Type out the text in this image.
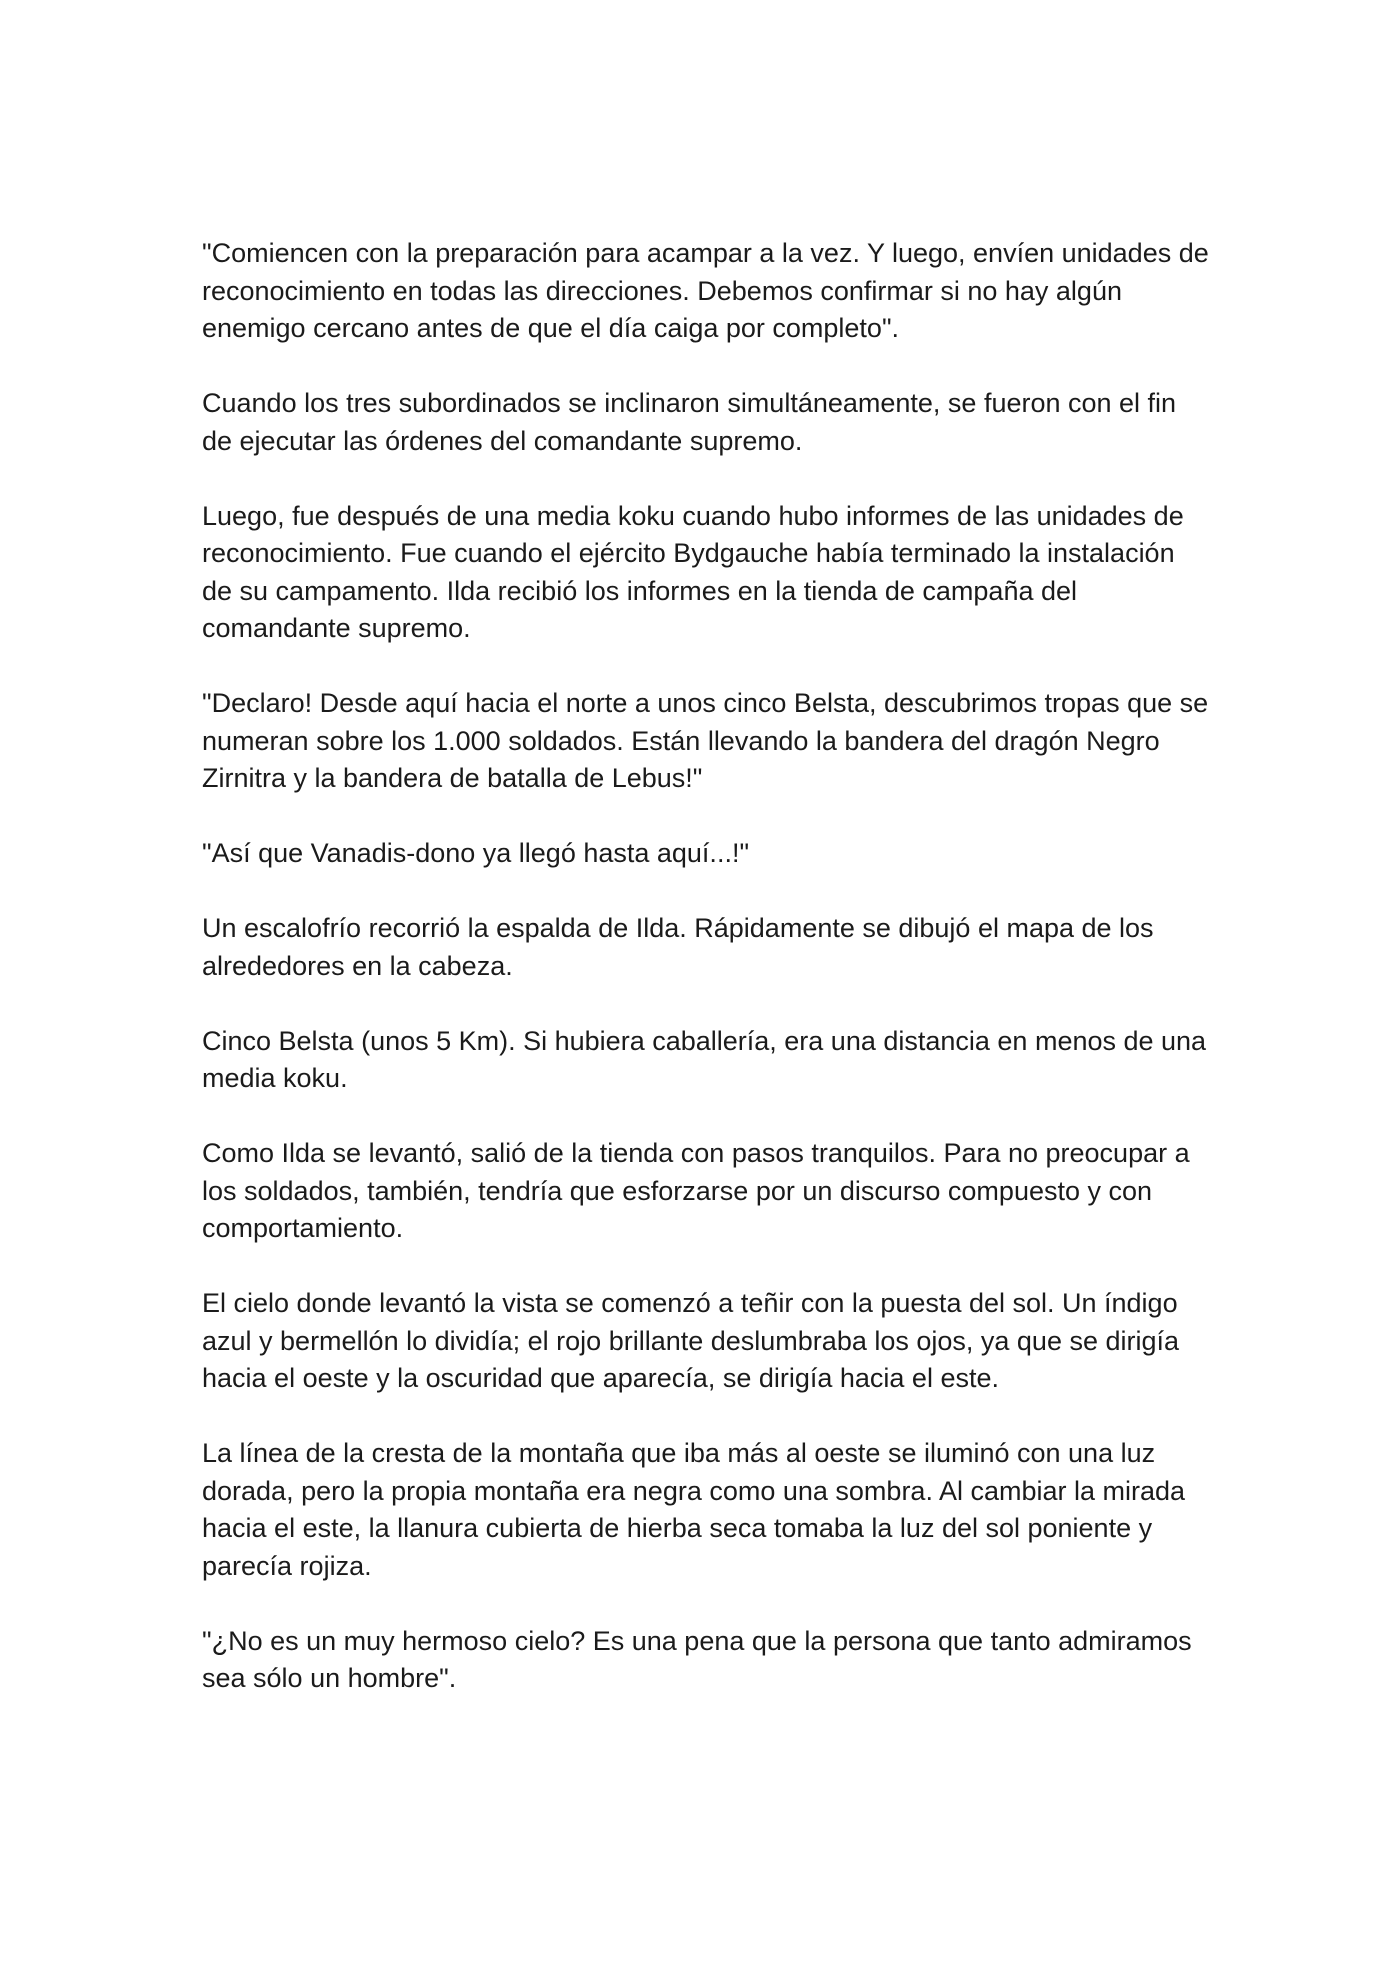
"Comiencen con la preparación para acampar a la vez. Y luego, envíen unidades de reconocimiento en todas las direcciones. Debemos confirmar si no hay algún enemigo cercano antes de que el día caiga por completo".

Cuando los tres subordinados se inclinaron simultáneamente, se fueron con el fin de ejecutar las órdenes del comandante supremo.

Luego, fue después de una media koku cuando hubo informes de las unidades de reconocimiento. Fue cuando el ejército Bydgauche había terminado la instalación de su campamento. Ilda recibió los informes en la tienda de campaña del comandante supremo.

"Declaro! Desde aquí hacia el norte a unos cinco Belsta, descubrimos tropas que se numeran sobre los 1.000 soldados. Están llevando la bandera del dragón Negro Zirnitra y la bandera de batalla de Lebus!"

"Así que Vanadis-dono ya llegó hasta aquí...!"

Un escalofrío recorrió la espalda de Ilda. Rápidamente se dibujó el mapa de los alrededores en la cabeza.

Cinco Belsta (unos 5 Km). Si hubiera caballería, era una distancia en menos de una  media koku.

Como Ilda se levantó, salió de la tienda con pasos tranquilos. Para no preocupar a los soldados, también, tendría que esforzarse por un discurso compuesto y con comportamiento.

El cielo donde levantó la vista se comenzó a teñir con la puesta del sol. Un índigo azul y bermellón lo dividía; el rojo brillante deslumbraba los ojos, ya que se dirigía hacia el oeste y la oscuridad que aparecía, se dirigía hacia el este.

La línea de la cresta de la montaña que iba más al oeste se iluminó con una luz dorada, pero la propia montaña era negra como una sombra. Al cambiar la mirada hacia el este, la llanura cubierta de hierba seca tomaba la luz del sol poniente y parecía rojiza.

"¿No es un muy hermoso cielo? Es una pena que la persona que tanto admiramos sea sólo un hombre".
